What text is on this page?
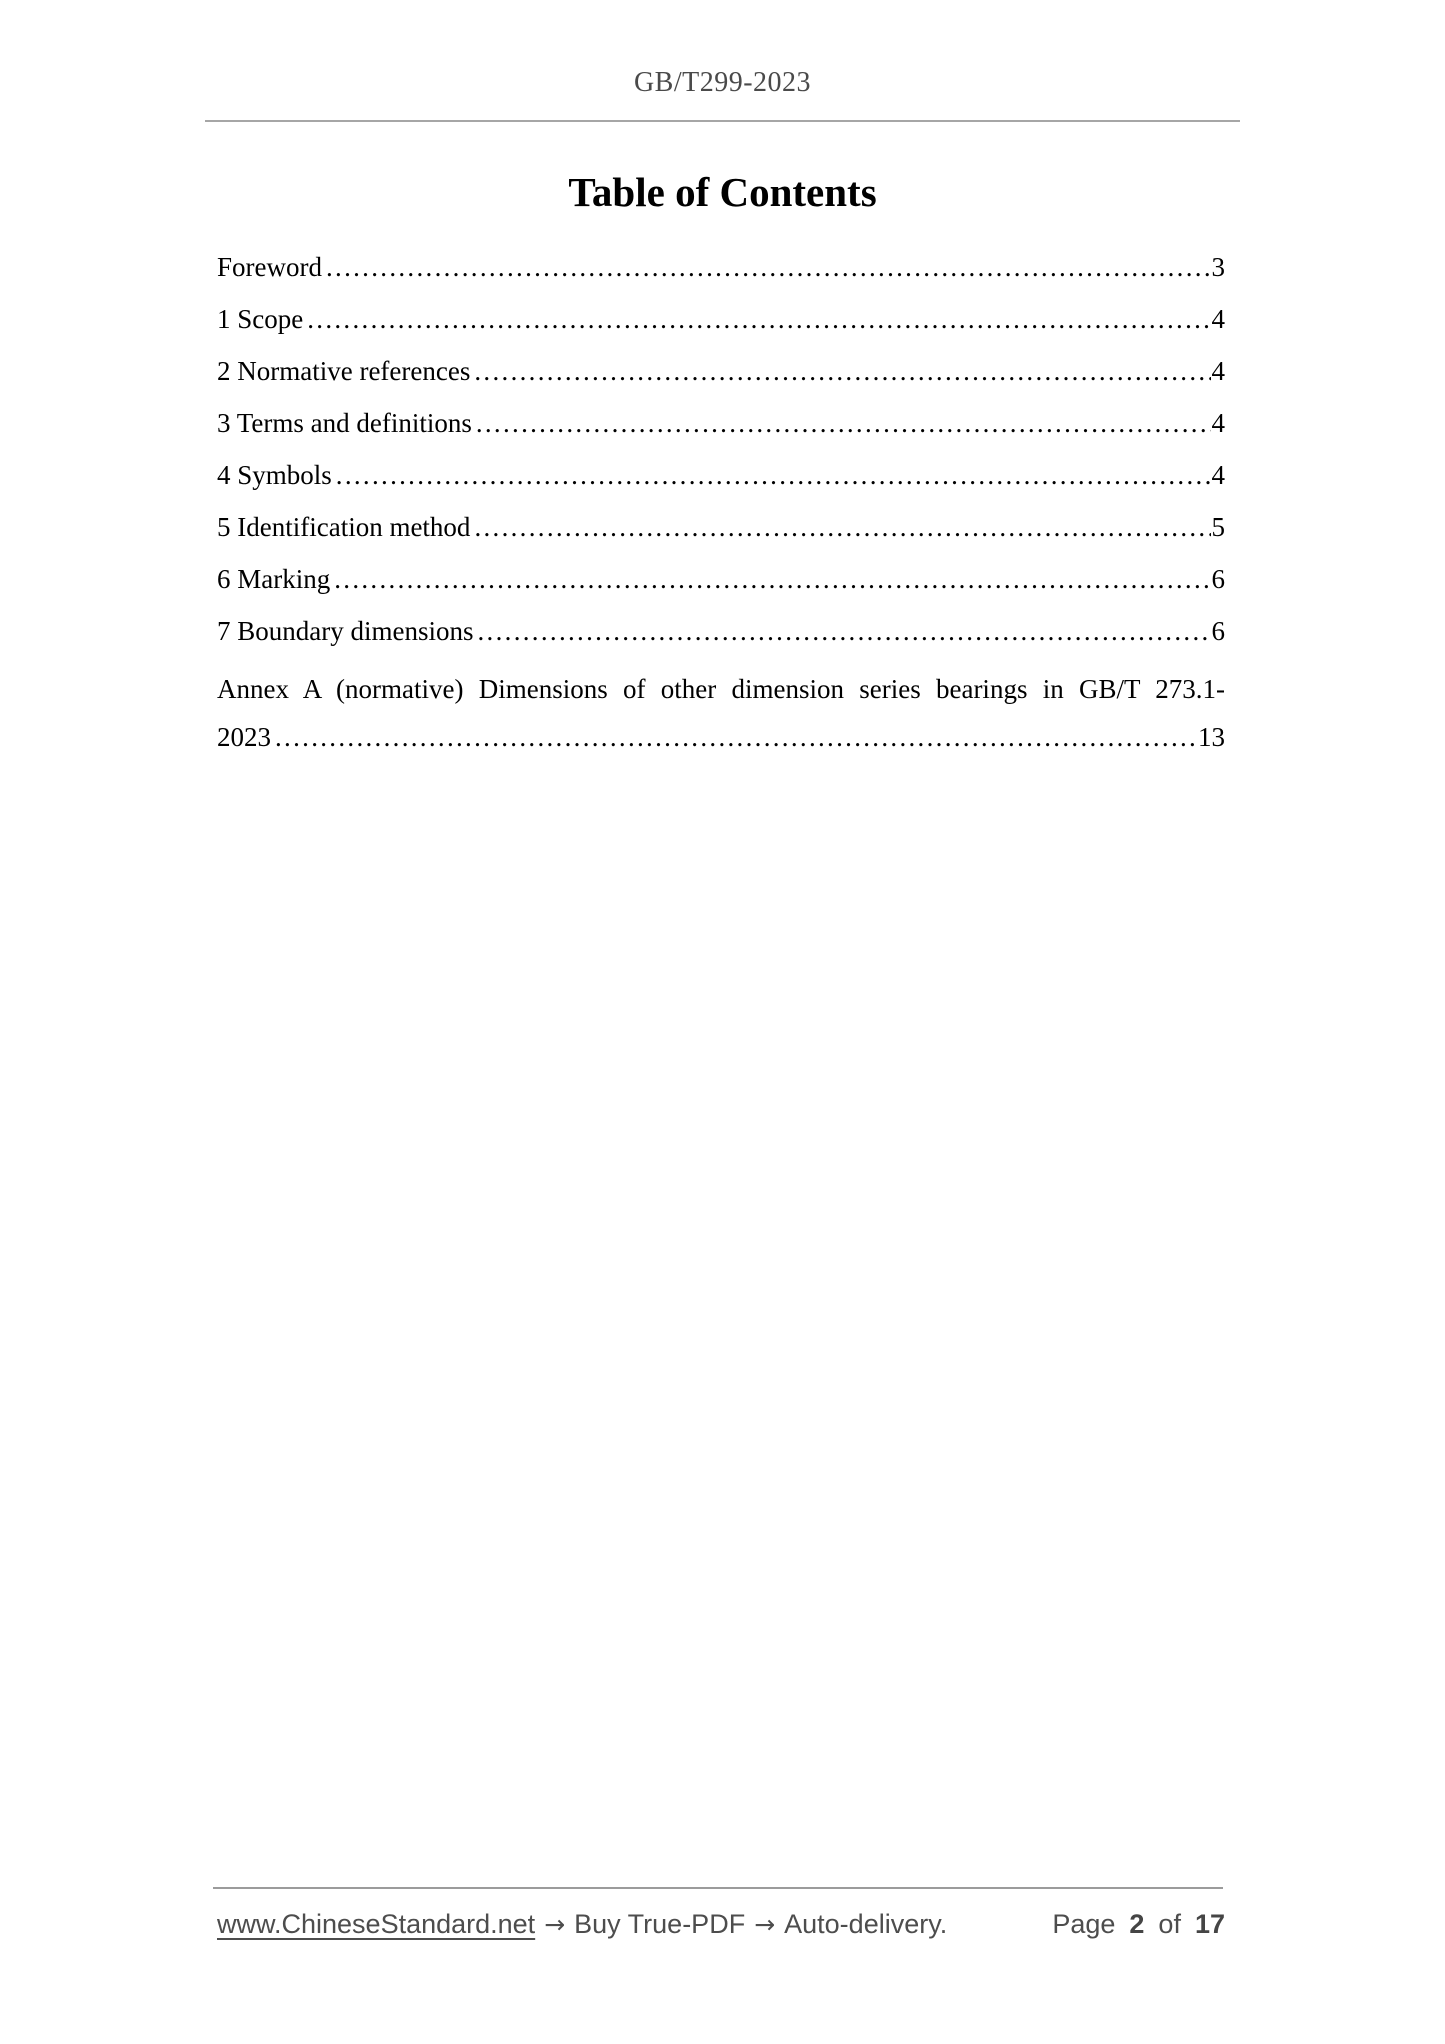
GB/T299-2023
Table of Contents
Foreword .....	3
1 Scope .....	4
2 Normative references .....	4
3 Terms and definitions .....	4
4 Symbols .....	4
5 Identification method .....	5
6 Marking .....	6
7 Boundary dimensions .....	6
Annex A (normative) Dimensions of other dimension series bearings in GB/T 273.1-
2023 .....	13
www.ChineseStandard.net → Buy True-PDF → Auto-delivery.	Page 2 of 17
